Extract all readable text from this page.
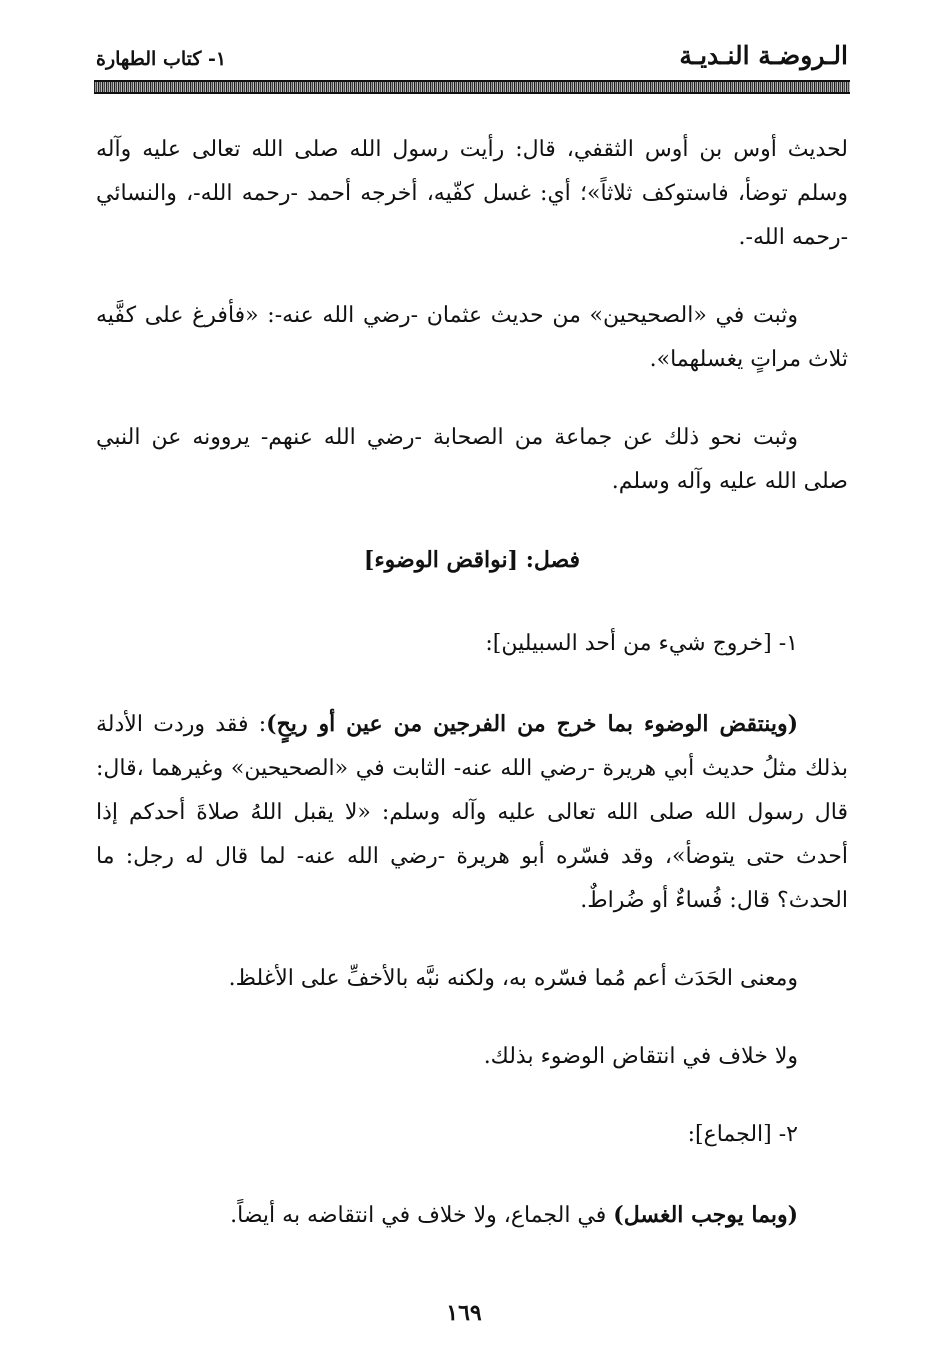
الـروضـة النـديـة
١- كتاب الطهارة

لحديث أوس بن أوس الثقفي، قال: رأيت رسول الله صلى الله تعالى عليه وآله وسلم توضأ، فاستوكف ثلاثاً»؛ أي: غسل كفّيه، أخرجه أحمد -رحمه الله-، والنسائي -رحمه الله-.

وثبت في «الصحيحين» من حديث عثمان -رضي الله عنه-: «فأفرغ على كفَّيه ثلاث مراتٍ يغسلهما».

وثبت نحو ذلك عن جماعة من الصحابة -رضي الله عنهم- يروونه عن النبي صلى الله عليه وآله وسلم.

فصل: [نواقض الوضوء]

١- [خروج شيء من أحد السبيلين]:

(وينتقض الوضوء بما خرج من الفرجين من عين أو ريحٍ): فقد وردت الأدلة بذلك مثلُ حديث أبي هريرة -رضي الله عنه- الثابت في «الصحيحين» وغيرهما ،قال: قال رسول الله صلى الله تعالى عليه وآله وسلم: «لا يقبل اللهُ صلاةَ أحدكم إذا أحدث حتى يتوضأ»، وقد فسّره أبو هريرة -رضي الله عنه- لما قال له رجل: ما الحدث؟ قال: فُساءٌ أو ضُراطٌ.

ومعنى الحَدَث أعم مُما فسّره به، ولكنه نبَّه بالأخفِّ على الأغلظ.

ولا خلاف في انتقاض الوضوء بذلك.

٢- [الجماع]:

(وبما يوجب الغسل) في الجماع، ولا خلاف في انتقاضه به أيضاً.

١٦٩
